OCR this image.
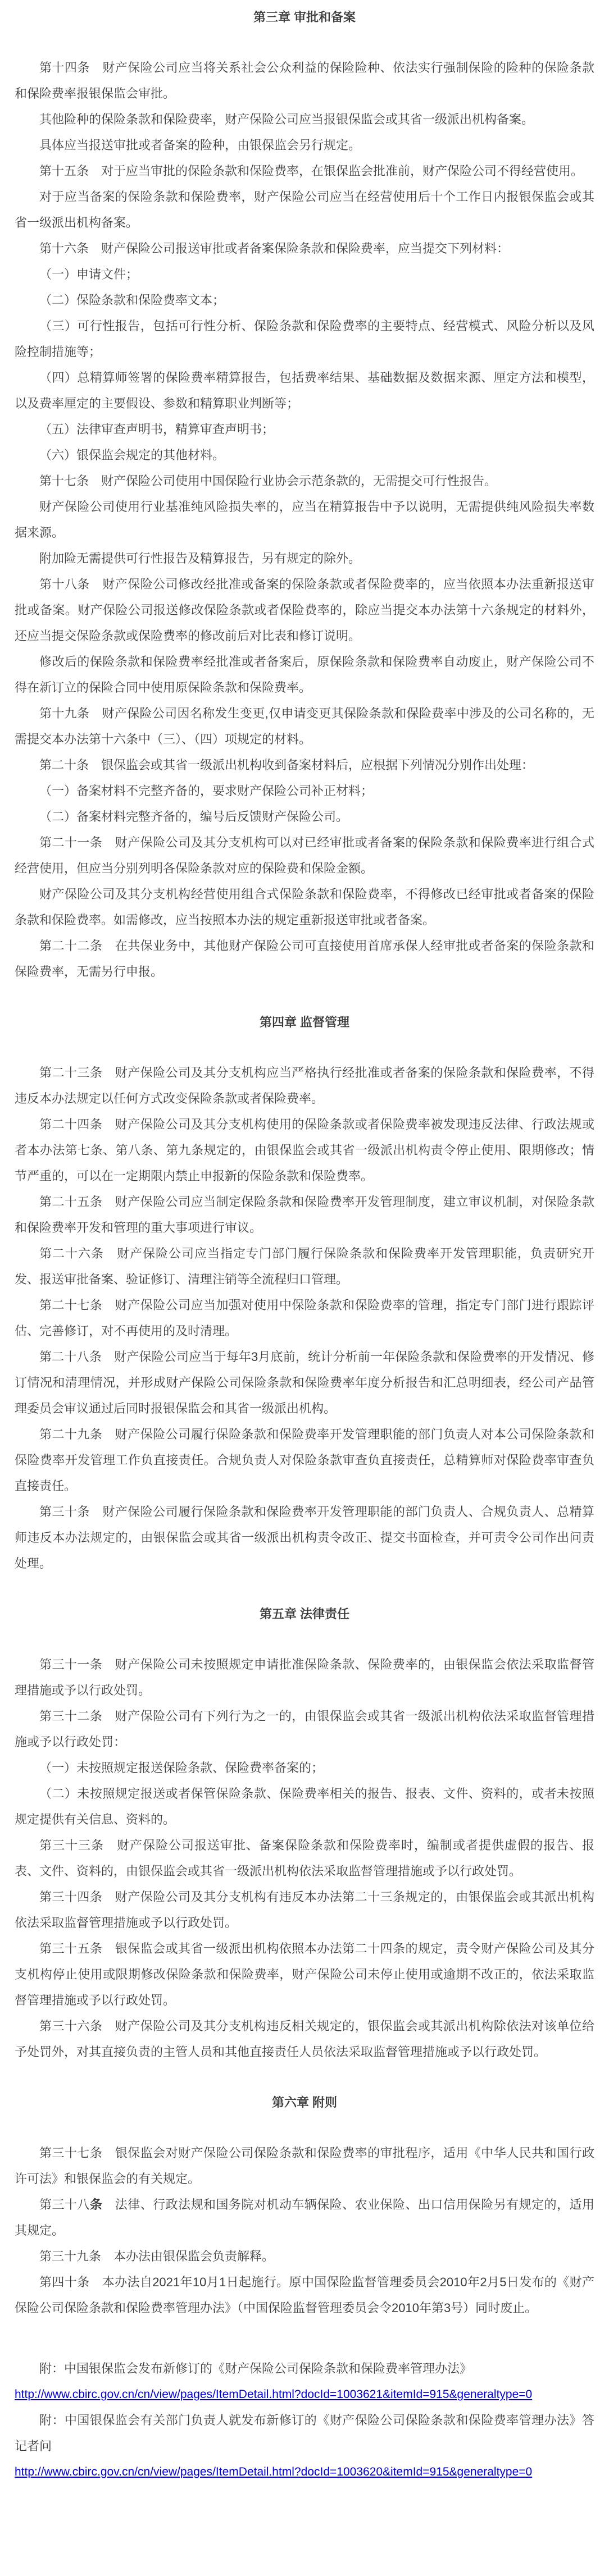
第三章 审批和备案

第十四条　财产保险公司应当将关系社会公众利益的保险险种、依法实行强制保险的险种的保险条款和保险费率报银保监会审批。

其他险种的保险条款和保险费率，财产保险公司应当报银保监会或其省一级派出机构备案。

具体应当报送审批或者备案的险种，由银保监会另行规定。

第十五条　对于应当审批的保险条款和保险费率，在银保监会批准前，财产保险公司不得经营使用。

对于应当备案的保险条款和保险费率，财产保险公司应当在经营使用后十个工作日内报银保监会或其省一级派出机构备案。

第十六条　财产保险公司报送审批或者备案保险条款和保险费率，应当提交下列材料：

（一）申请文件；

（二）保险条款和保险费率文本；

（三）可行性报告，包括可行性分析、保险条款和保险费率的主要特点、经营模式、风险分析以及风险控制措施等；

（四）总精算师签署的保险费率精算报告，包括费率结果、基础数据及数据来源、厘定方法和模型，以及费率厘定的主要假设、参数和精算职业判断等；

（五）法律审查声明书，精算审查声明书；

（六）银保监会规定的其他材料。

第十七条　财产保险公司使用中国保险行业协会示范条款的，无需提交可行性报告。

财产保险公司使用行业基准纯风险损失率的，应当在精算报告中予以说明，无需提供纯风险损失率数据来源。

附加险无需提供可行性报告及精算报告，另有规定的除外。

第十八条　财产保险公司修改经批准或备案的保险条款或者保险费率的，应当依照本办法重新报送审批或备案。财产保险公司报送修改保险条款或者保险费率的，除应当提交本办法第十六条规定的材料外，还应当提交保险条款或保险费率的修改前后对比表和修订说明。

修改后的保险条款和保险费率经批准或者备案后，原保险条款和保险费率自动废止，财产保险公司不得在新订立的保险合同中使用原保险条款和保险费率。

第十九条　财产保险公司因名称发生变更,仅申请变更其保险条款和保险费率中涉及的公司名称的，无需提交本办法第十六条中（三）、（四）项规定的材料。

第二十条　银保监会或其省一级派出机构收到备案材料后，应根据下列情况分别作出处理：

（一）备案材料不完整齐备的，要求财产保险公司补正材料；

（二）备案材料完整齐备的，编号后反馈财产保险公司。

第二十一条　财产保险公司及其分支机构可以对已经审批或者备案的保险条款和保险费率进行组合式经营使用，但应当分别列明各保险条款对应的保险费和保险金额。

财产保险公司及其分支机构经营使用组合式保险条款和保险费率，不得修改已经审批或者备案的保险条款和保险费率。如需修改，应当按照本办法的规定重新报送审批或者备案。

第二十二条　在共保业务中，其他财产保险公司可直接使用首席承保人经审批或者备案的保险条款和保险费率，无需另行申报。

第四章 监督管理

第二十三条　财产保险公司及其分支机构应当严格执行经批准或者备案的保险条款和保险费率，不得违反本办法规定以任何方式改变保险条款或者保险费率。

第二十四条　财产保险公司及其分支机构使用的保险条款或者保险费率被发现违反法律、行政法规或者本办法第七条、第八条、第九条规定的，由银保监会或其省一级派出机构责令停止使用、限期修改；情节严重的，可以在一定期限内禁止申报新的保险条款和保险费率。

第二十五条　财产保险公司应当制定保险条款和保险费率开发管理制度，建立审议机制，对保险条款和保险费率开发和管理的重大事项进行审议。

第二十六条　财产保险公司应当指定专门部门履行保险条款和保险费率开发管理职能，负责研究开发、报送审批备案、验证修订、清理注销等全流程归口管理。

第二十七条　财产保险公司应当加强对使用中保险条款和保险费率的管理，指定专门部门进行跟踪评估、完善修订，对不再使用的及时清理。

第二十八条　财产保险公司应当于每年3月底前，统计分析前一年保险条款和保险费率的开发情况、修订情况和清理情况，并形成财产保险公司保险条款和保险费率年度分析报告和汇总明细表，经公司产品管理委员会审议通过后同时报银保监会和其省一级派出机构。

第二十九条　财产保险公司履行保险条款和保险费率开发管理职能的部门负责人对本公司保险条款和保险费率开发管理工作负直接责任。合规负责人对保险条款审查负直接责任，总精算师对保险费率审查负直接责任。

第三十条　财产保险公司履行保险条款和保险费率开发管理职能的部门负责人、合规负责人、总精算师违反本办法规定的，由银保监会或其省一级派出机构责令改正、提交书面检查，并可责令公司作出问责处理。

第五章 法律责任

第三十一条　财产保险公司未按照规定申请批准保险条款、保险费率的，由银保监会依法采取监督管理措施或予以行政处罚。

第三十二条　财产保险公司有下列行为之一的，由银保监会或其省一级派出机构依法采取监督管理措施或予以行政处罚：

（一）未按照规定报送保险条款、保险费率备案的；

（二）未按照规定报送或者保管保险条款、保险费率相关的报告、报表、文件、资料的，或者未按照规定提供有关信息、资料的。

第三十三条　财产保险公司报送审批、备案保险条款和保险费率时，编制或者提供虚假的报告、报表、文件、资料的，由银保监会或其省一级派出机构依法采取监督管理措施或予以行政处罚。

第三十四条　财产保险公司及其分支机构有违反本办法第二十三条规定的，由银保监会或其派出机构依法采取监督管理措施或予以行政处罚。

第三十五条　银保监会或其省一级派出机构依照本办法第二十四条的规定，责令财产保险公司及其分支机构停止使用或限期修改保险条款和保险费率，财产保险公司未停止使用或逾期不改正的，依法采取监督管理措施或予以行政处罚。

第三十六条　财产保险公司及其分支机构违反相关规定的，银保监会或其派出机构除依法对该单位给予处罚外，对其直接负责的主管人员和其他直接责任人员依法采取监督管理措施或予以行政处罚。

第六章 附则

第三十七条　银保监会对财产保险公司保险条款和保险费率的审批程序，适用《中华人民共和国行政许可法》和银保监会的有关规定。

第三十八条　法律、行政法规和国务院对机动车辆保险、农业保险、出口信用保险另有规定的，适用其规定。

第三十九条　本办法由银保监会负责解释。

第四十条　本办法自2021年10月1日起施行。原中国保险监督管理委员会2010年2月5日发布的《财产保险公司保险条款和保险费率管理办法》（中国保险监督管理委员会令2010年第3号）同时废止。

附：中国银保监会发布新修订的《财产保险公司保险条款和保险费率管理办法》

http://www.cbirc.gov.cn/cn/view/pages/ItemDetail.html?docId=1003621&itemId=915&generaltype=0

附：中国银保监会有关部门负责人就发布新修订的《财产保险公司保险条款和保险费率管理办法》答记者问

http://www.cbirc.gov.cn/cn/view/pages/ItemDetail.html?docId=1003620&itemId=915&generaltype=0
